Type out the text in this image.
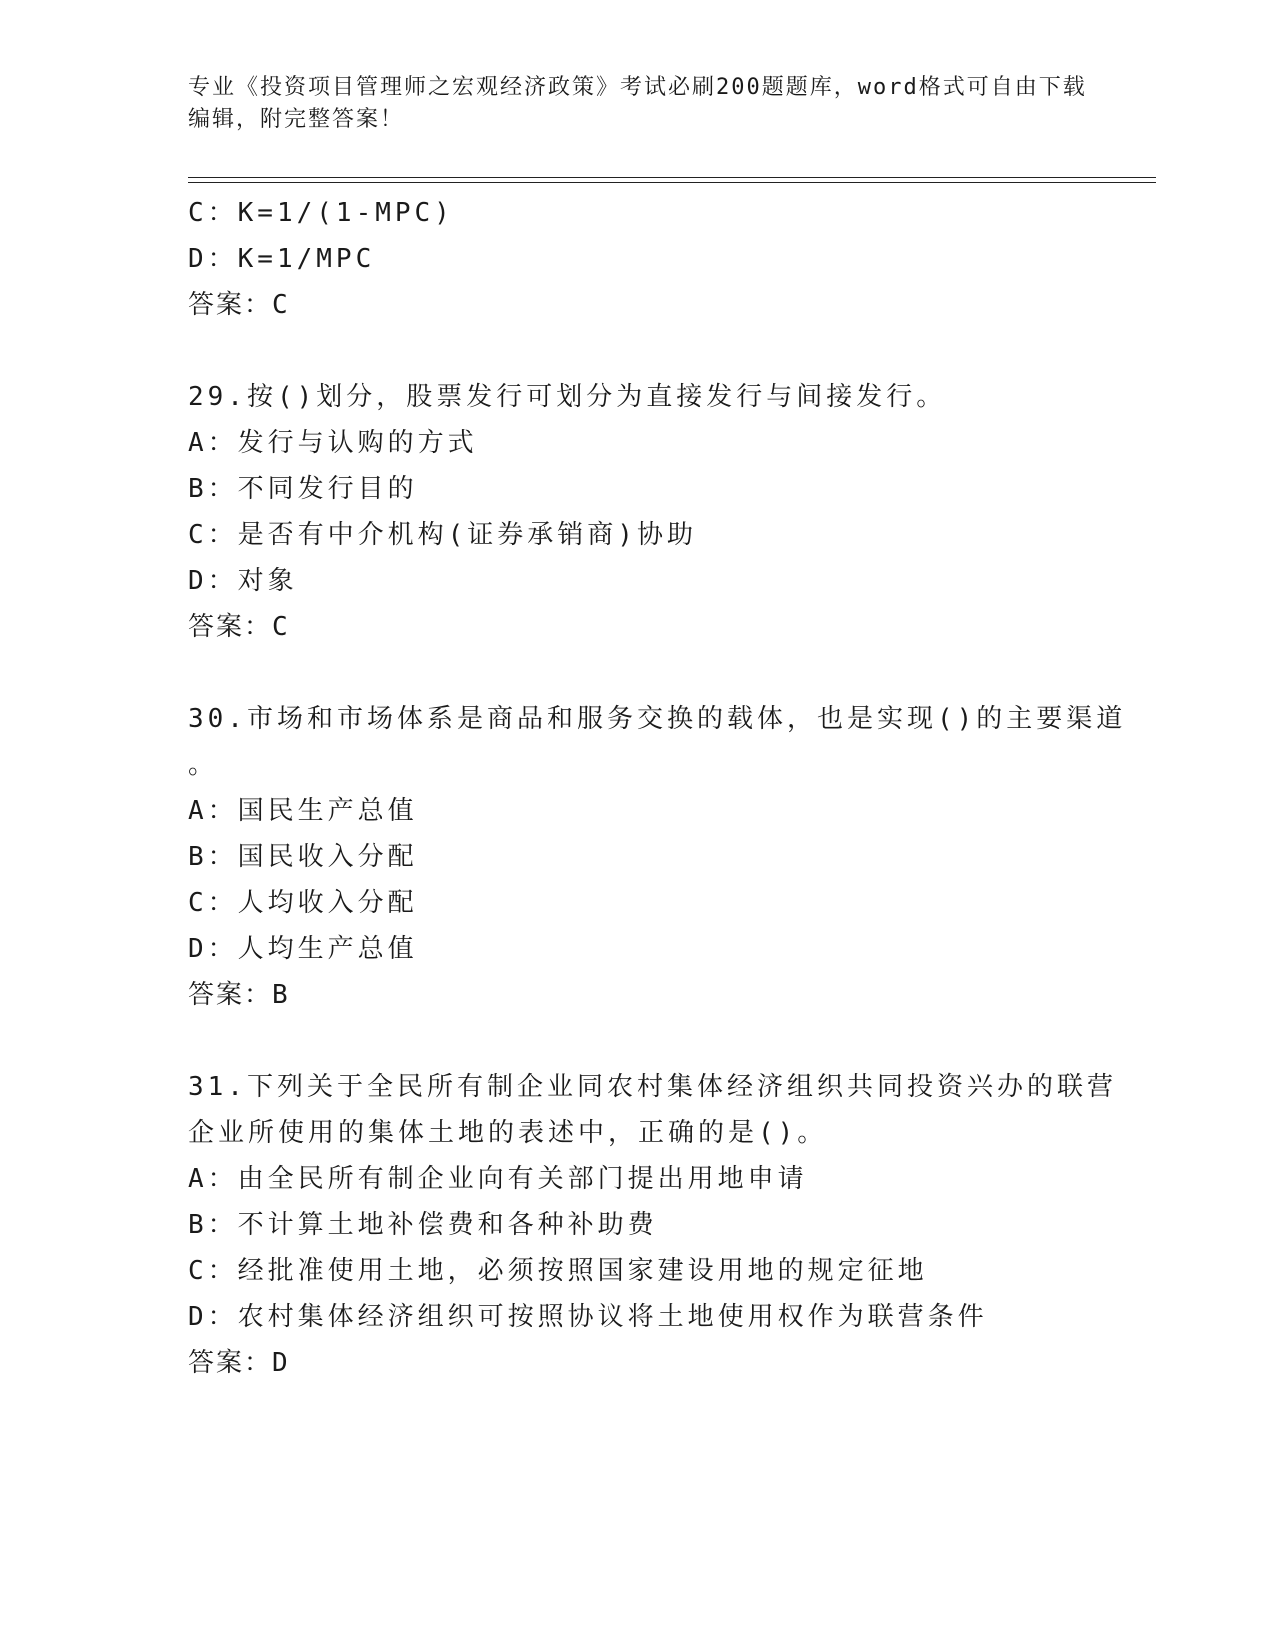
专业《投资项目管理师之宏观经济政策》考试必刷200题题库，word格式可自由下载编辑，附完整答案！
C：K=1/(1-MPC)
D：K=1/MPC
答案：C
29.按()划分，股票发行可划分为直接发行与间接发行。
A：发行与认购的方式
B：不同发行目的
C：是否有中介机构(证券承销商)协助
D：对象
答案：C
30.市场和市场体系是商品和服务交换的载体，也是实现()的主要渠道
。
A：国民生产总值
B：国民收入分配
C：人均收入分配
D：人均生产总值
答案：B
31.下列关于全民所有制企业同农村集体经济组织共同投资兴办的联营
企业所使用的集体土地的表述中，正确的是()。
A：由全民所有制企业向有关部门提出用地申请
B：不计算土地补偿费和各种补助费
C：经批准使用土地，必须按照国家建设用地的规定征地
D：农村集体经济组织可按照协议将土地使用权作为联营条件
答案：D
